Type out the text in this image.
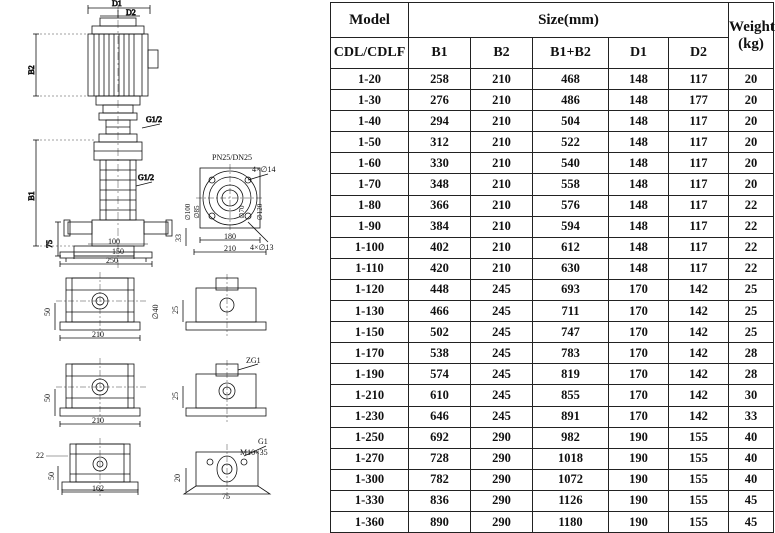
D1
D2
G1/2
G1/2
B2
B1
75	100
150
250
PN25/DN25
4×∅14
4×∅13
∅100 ∅85	∅70 ∅120
33	180
210
210
50	25
∅40
210
50
ZG1
25
162
50
22
G1
M10×35
20
75
Model	Size(mm)					Weight
(kg)

CDL/CDLF	B1	B2	B1+B2	D1	D2	
1-20	258	210	468	148	117	20
1-30	276	210	486	148	177	20
1-40	294	210	504	148	117	20
1-50	312	210	522	148	117	20
1-60	330	210	540	148	117	20
1-70	348	210	558	148	117	20
1-80	366	210	576	148	117	22
1-90	384	210	594	148	117	22
1-100	402	210	612	148	117	22
1-110	420	210	630	148	117	22
1-120	448	245	693	170	142	25
1-130	466	245	711	170	142	25
1-150	502	245	747	170	142	25
1-170	538	245	783	170	142	28
1-190	574	245	819	170	142	28
1-210	610	245	855	170	142	30
1-230	646	245	891	170	142	33
1-250	692	290	982	190	155	40
1-270	728	290	1018	190	155	40
1-300	782	290	1072	190	155	40
1-330	836	290	1126	190	155	45
1-360	890	290	1180	190	155	45
